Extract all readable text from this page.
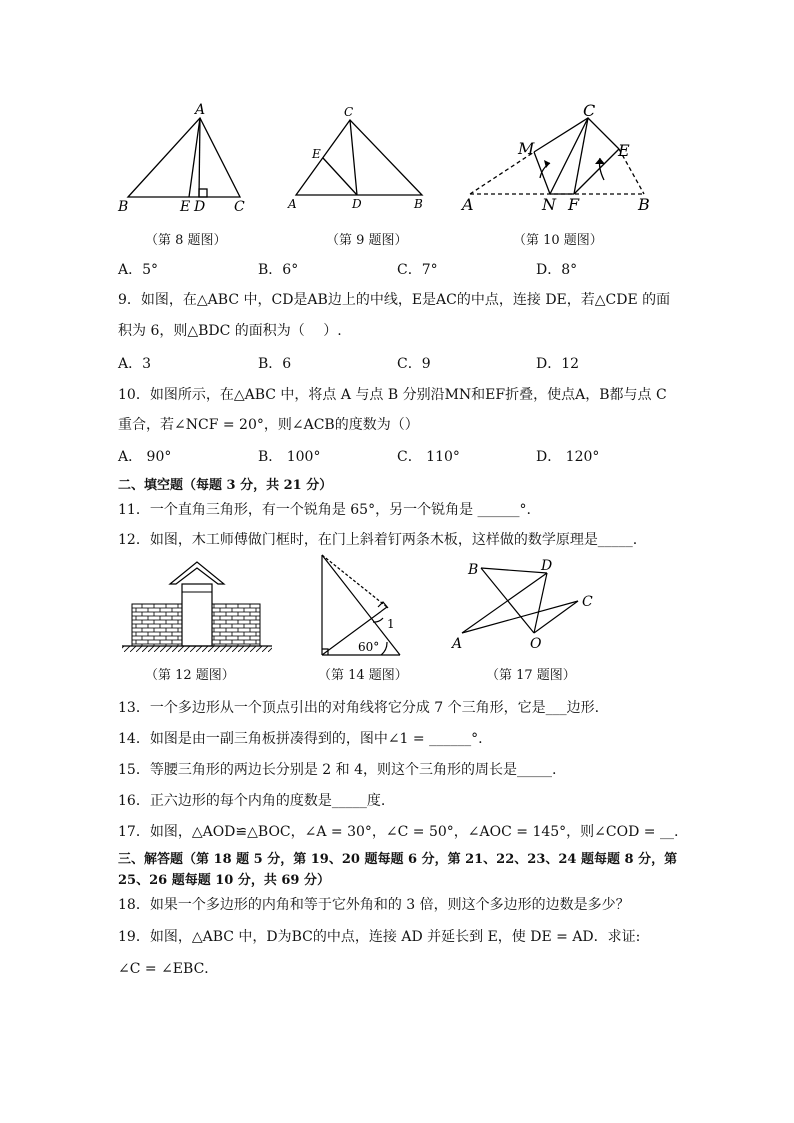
A
B	E D C
（第 8 题图）
C
E
A	D	B
（第 9 题图）
C
M	E
A	N F	B
（第 10 题图）
A．5°	B．6°	C．7°	D．8°
9．如图，在△ABC 中，CD是AB边上的中线，E是AC的中点，连接 DE，若△CDE 的面
积为 6，则△BDC 的面积为（　 ）.
A．3	B．6	C．9	D．12
10．如图所示，在△ABC 中，将点 A 与点 B 分别沿MN和EF折叠，使点A，B都与点 C
重合，若∠NCF = 20°，则∠ACB的度数为（）
A． 90°	B． 100°	C． 110°	D． 120°
二、填空题（每题 3 分，共 21 分）
11．一个直角三角形，有一个锐角是 65°，另一个锐角是 ______°.
12．如图，木工师傅做门框时，在门上斜着钉两条木板，这样做的数学原理是_____.
（第 12 题图）
1
60°
（第 14 题图）
B	D
C
A	O
（第 17 题图）
13．一个多边形从一个顶点引出的对角线将它分成 7 个三角形，它是___边形.
14．如图是由一副三角板拼凑得到的，图中∠1 = ______°.
15．等腰三角形的两边长分别是 2 和 4，则这个三角形的周长是_____.
16．正六边形的每个内角的度数是_____度.
17．如图，△AOD≌△BOC，∠A = 30°，∠C = 50°，∠AOC = 145°，则∠COD = __.
三、解答题（第 18 题 5 分，第 19、20 题每题 6 分，第 21、22、23、24 题每题 8 分，第
25、26 题每题 10 分，共 69 分）
18．如果一个多边形的内角和等于它外角和的 3 倍，则这个多边形的边数是多少？
19．如图，△ABC 中，D为BC的中点，连接 AD 并延长到 E，使 DE = AD．求证:
∠C = ∠EBC．
